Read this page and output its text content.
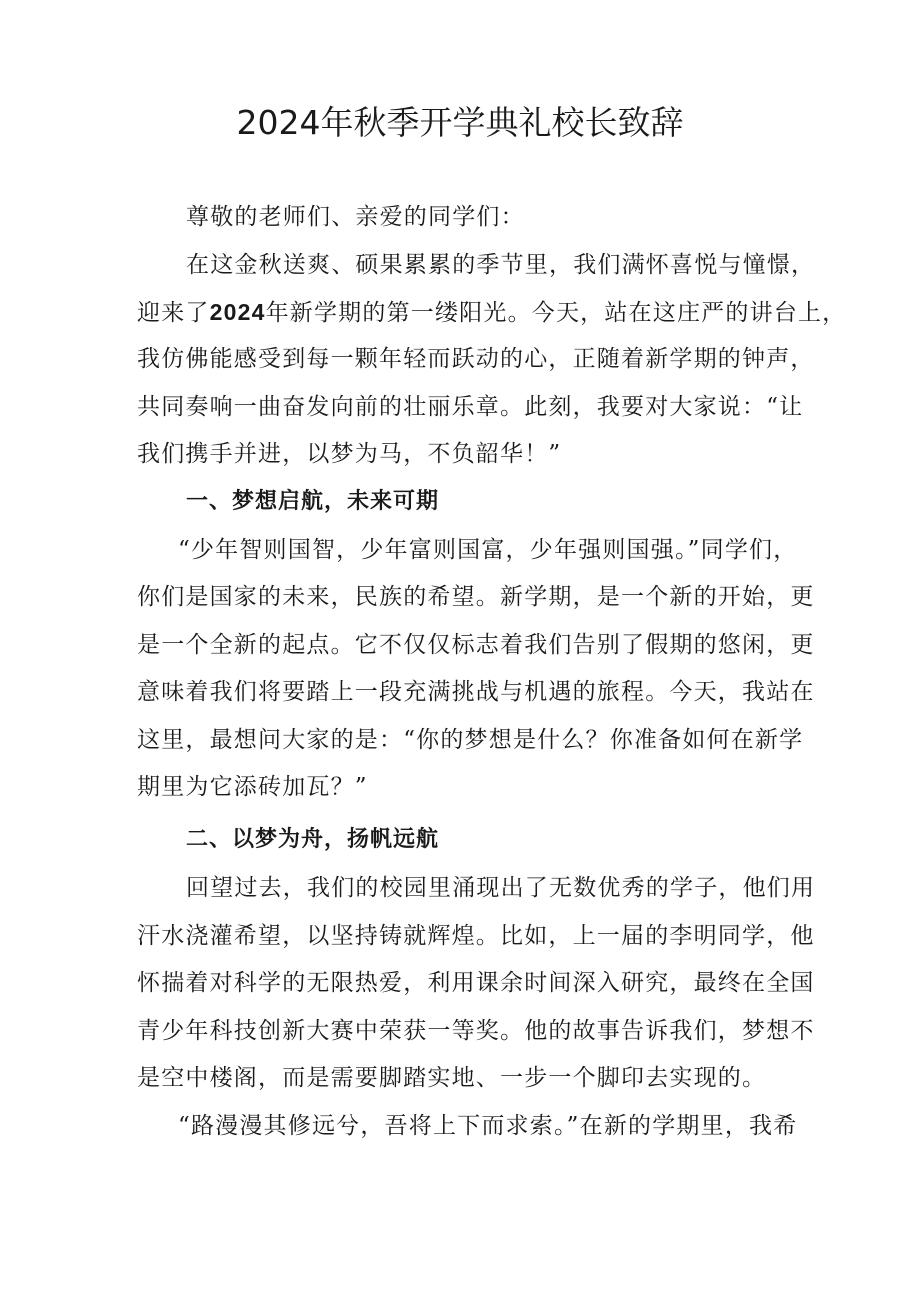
2024年秋季开学典礼校长致辞
尊敬的老师们、亲爱的同学们：
在这金秋送爽、硕果累累的季节里，我们满怀喜悦与憧憬，
迎来了2024年新学期的第一缕阳光。今天，站在这庄严的讲台上，
我仿佛能感受到每一颗年轻而跃动的心，正随着新学期的钟声，
共同奏响一曲奋发向前的壮丽乐章。此刻，我要对大家说：“让
我们携手并进，以梦为马，不负韶华！”
一、梦想启航，未来可期
“少年智则国智，少年富则国富，少年强则国强。”同学们，
你们是国家的未来，民族的希望。新学期，是一个新的开始，更
是一个全新的起点。它不仅仅标志着我们告别了假期的悠闲，更
意味着我们将要踏上一段充满挑战与机遇的旅程。今天，我站在
这里，最想问大家的是：“你的梦想是什么？你准备如何在新学
期里为它添砖加瓦？”
二、以梦为舟，扬帆远航
回望过去，我们的校园里涌现出了无数优秀的学子，他们用
汗水浇灌希望，以坚持铸就辉煌。比如，上一届的李明同学，他
怀揣着对科学的无限热爱，利用课余时间深入研究，最终在全国
青少年科技创新大赛中荣获一等奖。他的故事告诉我们，梦想不
是空中楼阁，而是需要脚踏实地、一步一个脚印去实现的。
“路漫漫其修远兮，吾将上下而求索。”在新的学期里，我希
